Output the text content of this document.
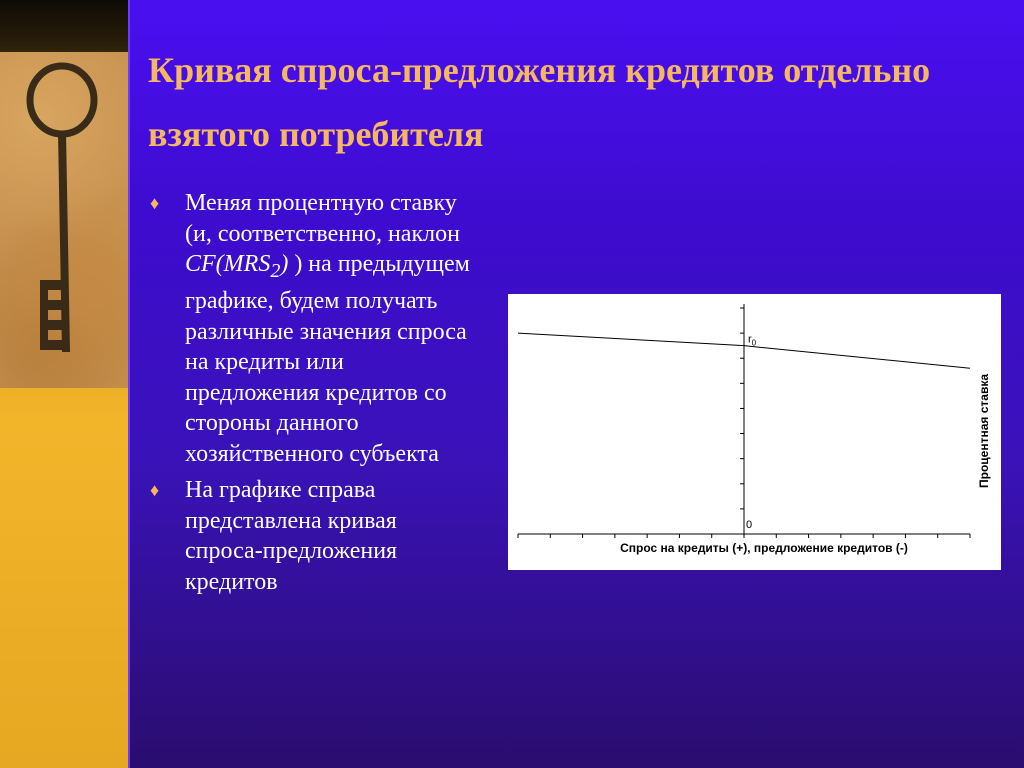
Кривая спроса-предложения кредитов отдельно взятого потребителя
♦ Меняя процентную ставку (и, соответственно, наклон $CF(MRS_2)$ ) на предыдущем графике, будем получать различные значения спроса на кредиты или предложения кредитов со стороны данного хозяйственного субъекта
♦ На графике справа представлена кривая спроса-предложения кредитов
$r_0$
0
Спрос на кредиты (+), предложение кредитов (-)
Процентная ставка
